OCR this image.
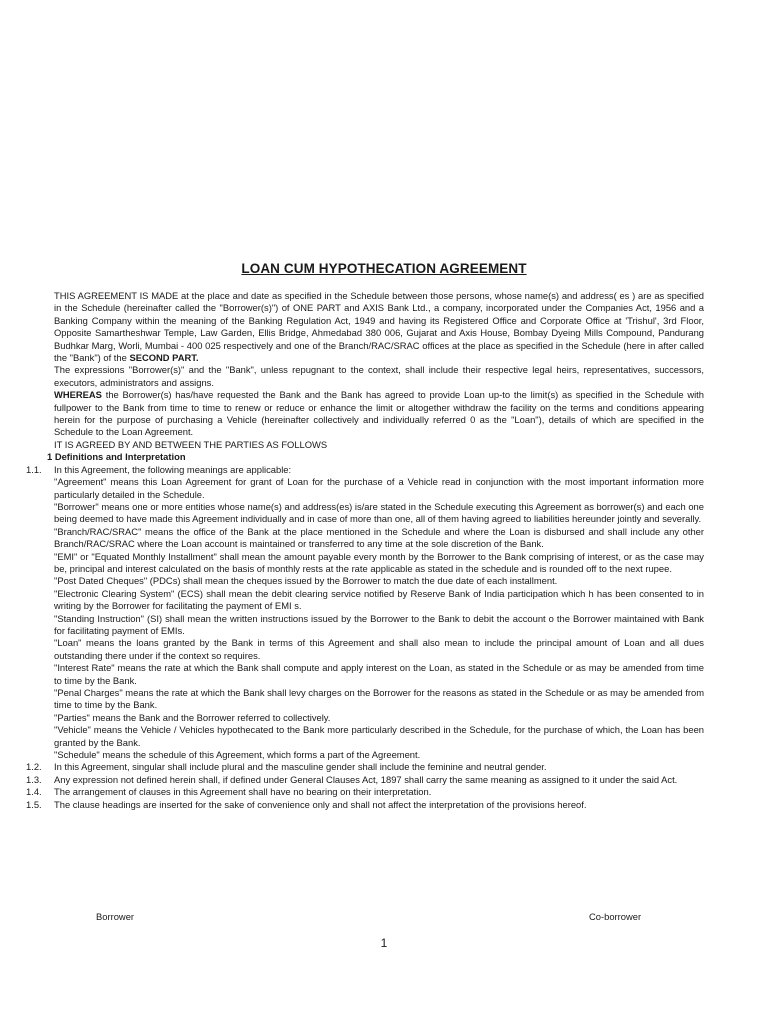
LOAN CUM HYPOTHECATION AGREEMENT

THIS AGREEMENT IS MADE at the place and date as specified in the Schedule between those persons, whose name(s) and address( es ) are as specified in the Schedule (hereinafter called the "Borrower(s)") of ONE PART and AXIS Bank Ltd., a company, incorporated under the Companies Act, 1956 and a Banking Company within the meaning of the Banking Regulation Act, 1949 and having its Registered Office and Corporate Office at 'Trishul', 3rd Floor, Opposite Samartheshwar Temple, Law Garden, Ellis Bridge, Ahmedabad 380 006, Gujarat and Axis House, Bombay Dyeing Mills Compound, Pandurang Budhkar Marg, Worli, Mumbai - 400 025 respectively and one of the Branch/RAC/SRAC offices at the place as specified in the Schedule (here in after called the "Bank") of the SECOND PART.

The expressions "Borrower(s)" and the "Bank", unless repugnant to the context, shall include their respective legal heirs, representatives, successors, executors, administrators and assigns.

WHEREAS the Borrower(s) has/have requested the Bank and the Bank has agreed to provide Loan up-to the limit(s) as specified in the Schedule with fullpower to the Bank from time to time to renew or reduce or enhance the limit or altogether withdraw the facility on the terms and conditions appearing herein for the purpose of purchasing a Vehicle (hereinafter collectively and individually referred 0 as the "Loan"), details of which are specified in the Schedule to the Loan Agreement.

IT IS AGREED BY AND BETWEEN THE PARTIES AS FOLLOWS

1 Definitions and Interpretation

1.1.	In this Agreement, the following meanings are applicable:

"Agreement" means this Loan Agreement for grant of Loan for the purchase of a Vehicle read in conjunction with the most important information more particularly detailed in the Schedule.

"Borrower" means one or more entities whose name(s) and address(es) is/are stated in the Schedule executing this Agreement as borrower(s) and each one being deemed to have made this Agreement individually and in case of more than one, all of them having agreed to liabilities hereunder jointly and severally.

"Branch/RAC/SRAC" means the office of the Bank at the place mentioned in the Schedule and where the Loan is disbursed and shall include any other Branch/RAC/SRAC where the Loan account is maintained or transferred to any time at the sole discretion of the Bank.

"EMI" or "Equated Monthly Installment" shall mean the amount payable every month by the Borrower to the Bank comprising of interest, or as the case may be, principal and interest calculated on the basis of monthly rests at the rate applicable as stated in the schedule and is rounded off to the next rupee.

"Post Dated Cheques" (PDCs) shall mean the cheques issued by the Borrower to match the due date of each installment.

"Electronic Clearing System" (ECS) shall mean the debit clearing service notified by Reserve Bank of India participation which h has been consented to in writing by the Borrower for facilitating the payment of EMI s.

"Standing Instruction" (SI) shall mean the written instructions issued by the Borrower to the Bank to debit the account o the Borrower maintained with Bank for facilitating payment of EMIs.

"Loan" means the loans granted by the Bank in terms of this Agreement and shall also mean to include the principal amount of Loan and all dues outstanding there under if the context so requires.

"Interest Rate" means the rate at which the Bank shall compute and apply interest on the Loan, as stated in the Schedule or as may be amended from time to time by the Bank.

"Penal Charges" means the rate at which the Bank shall levy charges on the Borrower for the reasons as stated in the Schedule or as may be amended from time to time by the Bank.

"Parties" means the Bank and the Borrower referred to collectively.

"Vehicle" means the Vehicle / Vehicles hypothecated to the Bank more particularly described in the Schedule, for the purchase of which, the Loan has been granted by the Bank.

"Schedule" means the schedule of this Agreement, which forms a part of the Agreement.

1.2.	In this Agreement, singular shall include plural and the masculine gender shall include the feminine and neutral gender.

1.3.	Any expression not defined herein shall, if defined under General Clauses Act, 1897 shall carry the same meaning as assigned to it under the said Act.

1.4.	The arrangement of clauses in this Agreement shall have no bearing on their interpretation.

1.5.	The clause headings are inserted for the sake of convenience only and shall not affect the interpretation of the provisions hereof.

Borrower	Co-borrower
1
